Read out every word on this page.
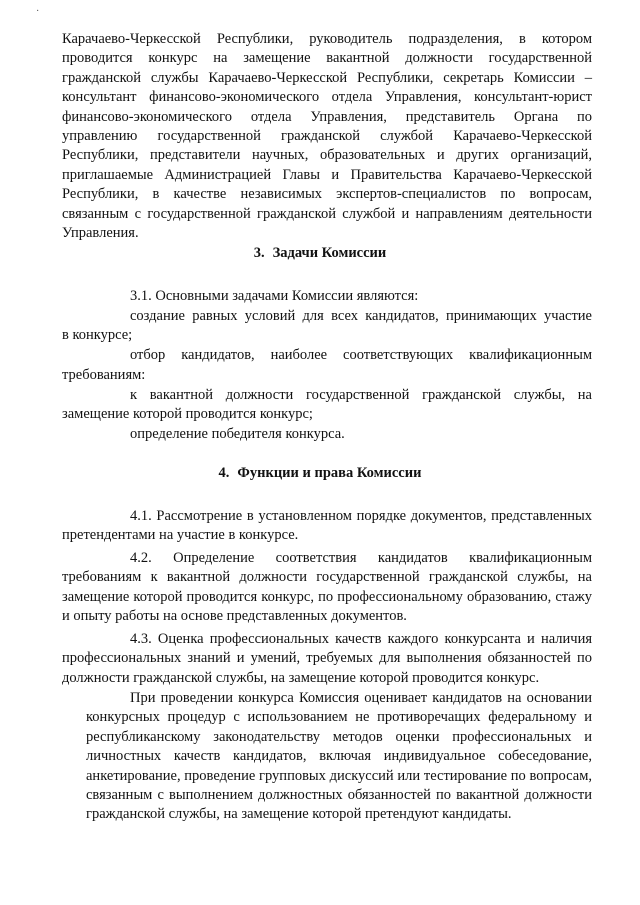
·

Карачаево-Черкесской Республики, руководитель подразделения, в котором проводится конкурс на замещение вакантной должности государственной гражданской службы Карачаево-Черкесской Республики, секретарь Комиссии – консультант финансово-экономического отдела Управления, консультант-юрист финансово-экономического отдела Управления, представитель Органа по управлению государственной гражданской службой Карачаево-Черкесской Республики, представители научных, образовательных и других организаций, приглашаемые Администрацией Главы и Правительства Карачаево-Черкесской Республики, в качестве независимых экспертов-специалистов по вопросам, связанным с государственной гражданской службой и направлениям деятельности Управления.

3. Задачи Комиссии

3.1. Основными задачами Комиссии являются:

создание равных условий для всех кандидатов, принимающих участие

в конкурсе;

отбор кандидатов, наиболее соответствующих квалификационным

требованиям:

к вакантной должности государственной гражданской службы, на

замещение которой проводится конкурс;

определение победителя конкурса.

4. Функции и права Комиссии

4.1. Рассмотрение в установленном порядке документов, представленных претендентами на участие в конкурсе.

4.2. Определение соответствия кандидатов квалификационным требованиям к вакантной должности государственной гражданской службы, на замещение которой проводится конкурс, по профессиональному образованию, стажу и опыту работы на основе представленных документов.

4.3. Оценка профессиональных качеств каждого конкурсанта и наличия профессиональных знаний и умений, требуемых для выполнения обязанностей по должности гражданской службы, на замещение которой проводится конкурс.

При проведении конкурса Комиссия оценивает кандидатов на основании конкурсных процедур с использованием не противоречащих федеральному и республиканскому законодательству методов оценки профессиональных и личностных качеств кандидатов, включая индивидуальное собеседование, анкетирование, проведение групповых дискуссий или тестирование по вопросам, связанным с выполнением должностных обязанностей по вакантной должности гражданской службы, на замещение которой претендуют кандидаты.
